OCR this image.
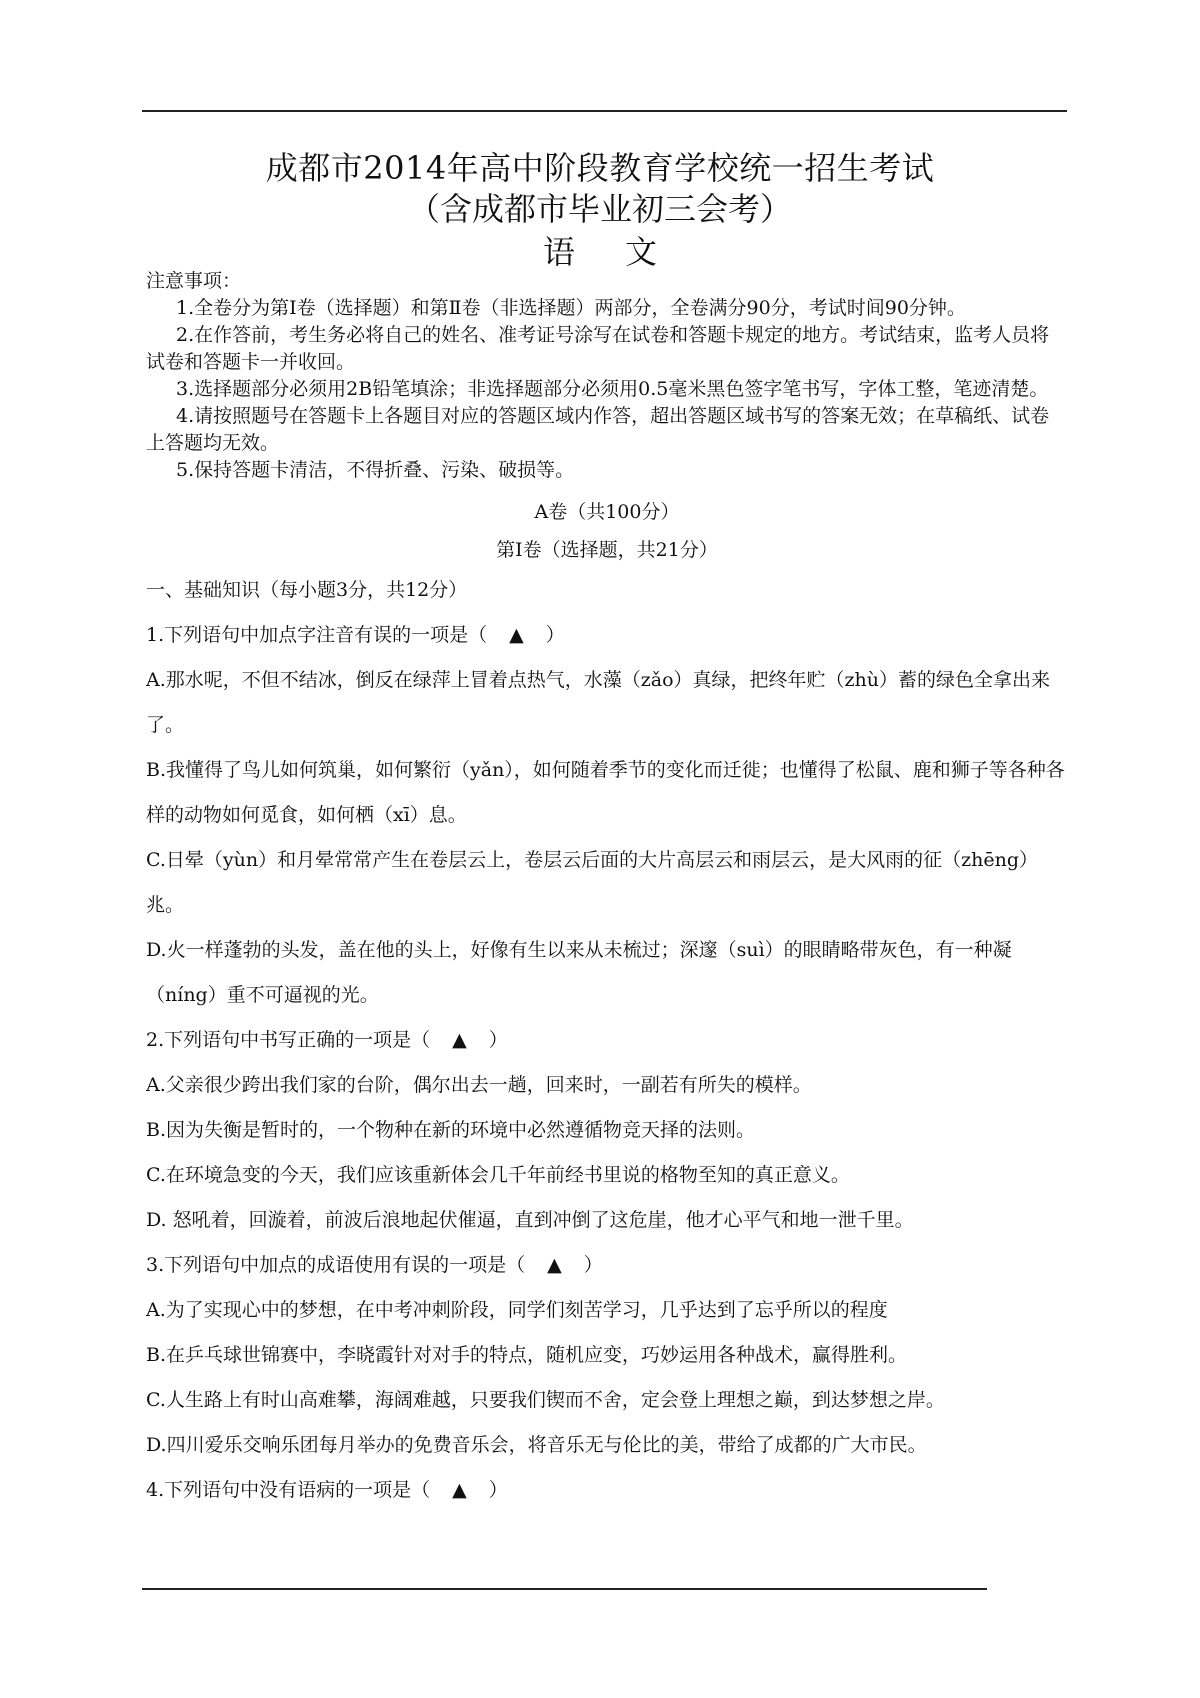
成都市2014年高中阶段教育学校统一招生考试
（含成都市毕业初三会考）
语文

注意事项：

1.全卷分为第Ⅰ卷（选择题）和第Ⅱ卷（非选择题）两部分，全卷满分90分，考试时间90分钟。

2.在作答前，考生务必将自己的姓名、准考证号涂写在试卷和答题卡规定的地方。考试结束，监考人员将试卷和答题卡一并收回。

3.选择题部分必须用2B铅笔填涂；非选择题部分必须用0.5毫米黑色签字笔书写，字体工整，笔迹清楚。

4.请按照题号在答题卡上各题目对应的答题区域内作答，超出答题区域书写的答案无效；在草稿纸、试卷上答题均无效。

5.保持答题卡清洁，不得折叠、污染、破损等。

A卷（共100分）

第Ⅰ卷（选择题，共21分）

一、基础知识（每小题3分，共12分）

1.下列语句中加点字注音有误的一项是（ ▲ ）

A.那水呢，不但不结冰，倒反在绿萍上冒着点热气，水藻（zǎo）真绿，把终年贮（zhù）蓄的绿色全拿出来了。

B.我懂得了鸟儿如何筑巢，如何繁衍（yǎn），如何随着季节的变化而迁徙；也懂得了松鼠、鹿和狮子等各种各样的动物如何觅食，如何栖（xī）息。

C.日晕（yùn）和月晕常常产生在卷层云上，卷层云后面的大片高层云和雨层云，是大风雨的征（zhēng）兆。

D.火一样蓬勃的头发，盖在他的头上，好像有生以来从未梳过；深邃（suì）的眼睛略带灰色，有一种凝（níng）重不可逼视的光。

2.下列语句中书写正确的一项是（ ▲ ）

A.父亲很少跨出我们家的台阶，偶尔出去一趟，回来时，一副若有所失的模样。

B.因为失衡是暂时的，一个物种在新的环境中必然遵循物竞天择的法则。

C.在环境急变的今天，我们应该重新体会几千年前经书里说的格物至知的真正意义。

D. 怒吼着，回漩着，前波后浪地起伏催逼，直到冲倒了这危崖，他才心平气和地一泄千里。

3.下列语句中加点的成语使用有误的一项是（ ▲ ）

A.为了实现心中的梦想，在中考冲刺阶段，同学们刻苦学习，几乎达到了忘乎所以的程度

B.在乒乓球世锦赛中，李晓霞针对对手的特点，随机应变，巧妙运用各种战术，赢得胜利。

C.人生路上有时山高难攀，海阔难越，只要我们锲而不舍，定会登上理想之巅，到达梦想之岸。

D.四川爱乐交响乐团每月举办的免费音乐会，将音乐无与伦比的美，带给了成都的广大市民。

4.下列语句中没有语病的一项是（ ▲ ）
